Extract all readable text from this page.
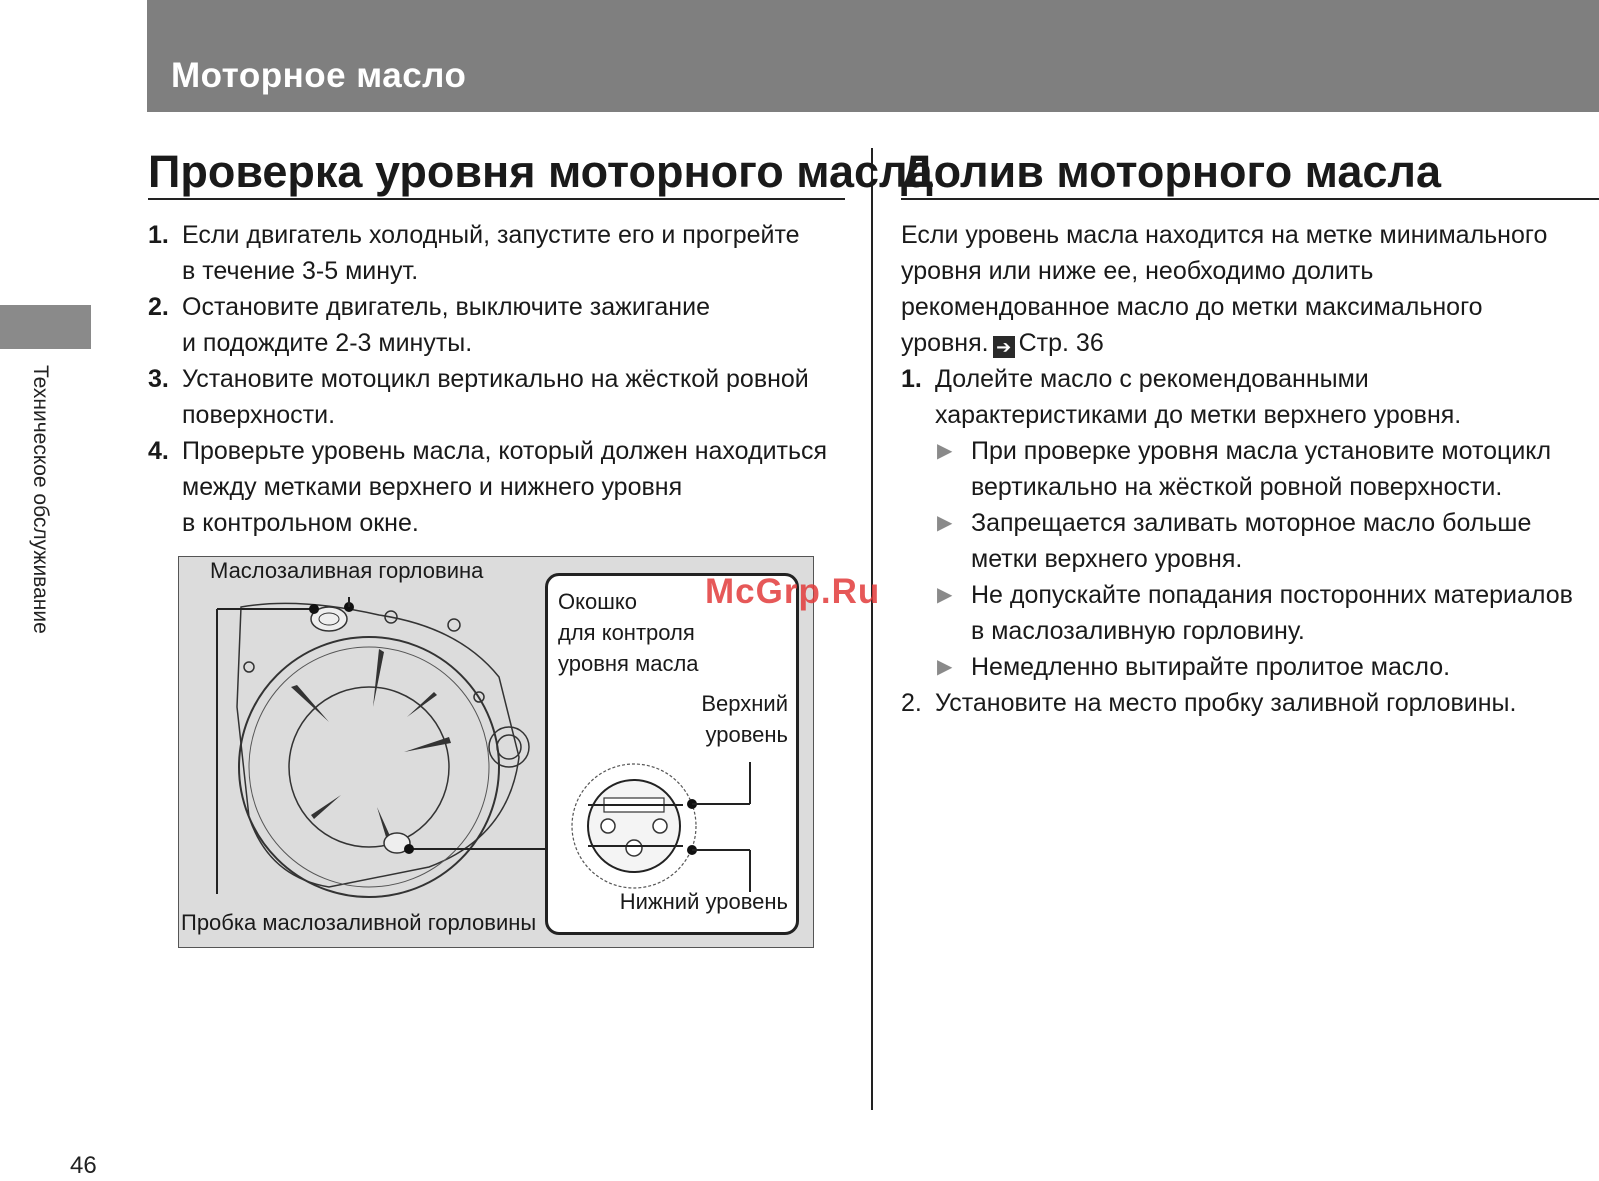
Моторное масло
Техническое обслуживание
46
Проверка уровня моторного масла
1. Если двигатель холодный, запустите его и прогрейте
в течение 3-5 минут.
2. Остановите двигатель, выключите зажигание
и подождите 2-3 минуты.
3. Установите мотоцикл вертикально на жёсткой ровной
поверхности.
4. Проверьте уровень масла, который должен находиться
между метками верхнего и нижнего уровня
в контрольном окне.
Окошко
для контроля
уровня масла
Верхний
уровень
Нижний уровень
Маслозаливная горловина
Пробка маслозаливной горловины
Долив моторного масла
Если уровень масла находится на метке минимального
уровня или ниже ее, необходимо долить
рекомендованное масло до метки максимального
уровня. ➔ Стр. 36
1. Долейте масло с рекомендованными
характеристиками до метки верхнего уровня.
▶ При проверке уровня масла установите мотоцикл
вертикально на жёсткой ровной поверхности.
▶ Запрещается заливать моторное масло больше
метки верхнего уровня.
▶ Не допускайте попадания посторонних материалов
в маслозаливную горловину.
▶ Немедленно вытирайте пролитое масло.
2. Установите на место пробку заливной горловины.
McGrp.Ru
